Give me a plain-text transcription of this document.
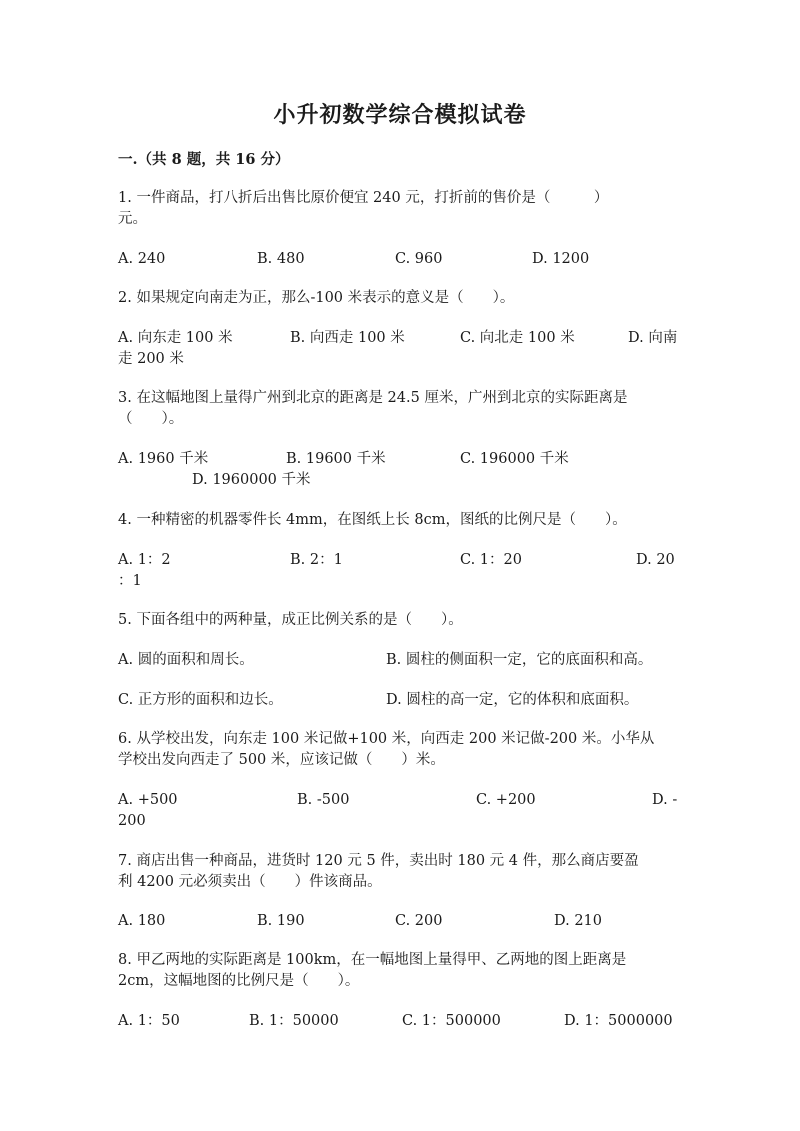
小升初数学综合模拟试卷
一.（共 8 题，共 16 分）
1. 一件商品，打八折后出售比原价便宜 240 元，打折前的售价是（　　　）
元。
A. 240	B. 480	C. 960	D. 1200
2. 如果规定向南走为正，那么-100 米表示的意义是（　　）。
A. 向东走 100 米	B. 向西走 100 米	C. 向北走 100 米	D. 向南
走 200 米
3. 在这幅地图上量得广州到北京的距离是 24.5 厘米，广州到北京的实际距离是
（　　）。
A. 1960 千米	B. 19600 千米	C. 196000 千米
D. 1960000 千米
4. 一种精密的机器零件长 4mm，在图纸上长 8cm，图纸的比例尺是（　　）。
A. 1：2	B. 2：1	C. 1：20	D. 20
：1
5. 下面各组中的两种量，成正比例关系的是（　　）。
A. 圆的面积和周长。	B. 圆柱的侧面积一定，它的底面积和高。
C. 正方形的面积和边长。	D. 圆柱的高一定，它的体积和底面积。
6. 从学校出发，向东走 100 米记做+100 米，向西走 200 米记做-200 米。小华从
学校出发向西走了 500 米，应该记做（　　）米。
A. +500	B. -500	C. +200	D. -
200
7. 商店出售一种商品，进货时 120 元 5 件，卖出时 180 元 4 件，那么商店要盈
利 4200 元必须卖出（　　）件该商品。
A. 180	B. 190	C. 200	D. 210
8. 甲乙两地的实际距离是 100km，在一幅地图上量得甲、乙两地的图上距离是
2cm，这幅地图的比例尺是（　　）。
A. 1：50	B. 1：50000	C. 1：500000	D. 1：5000000
